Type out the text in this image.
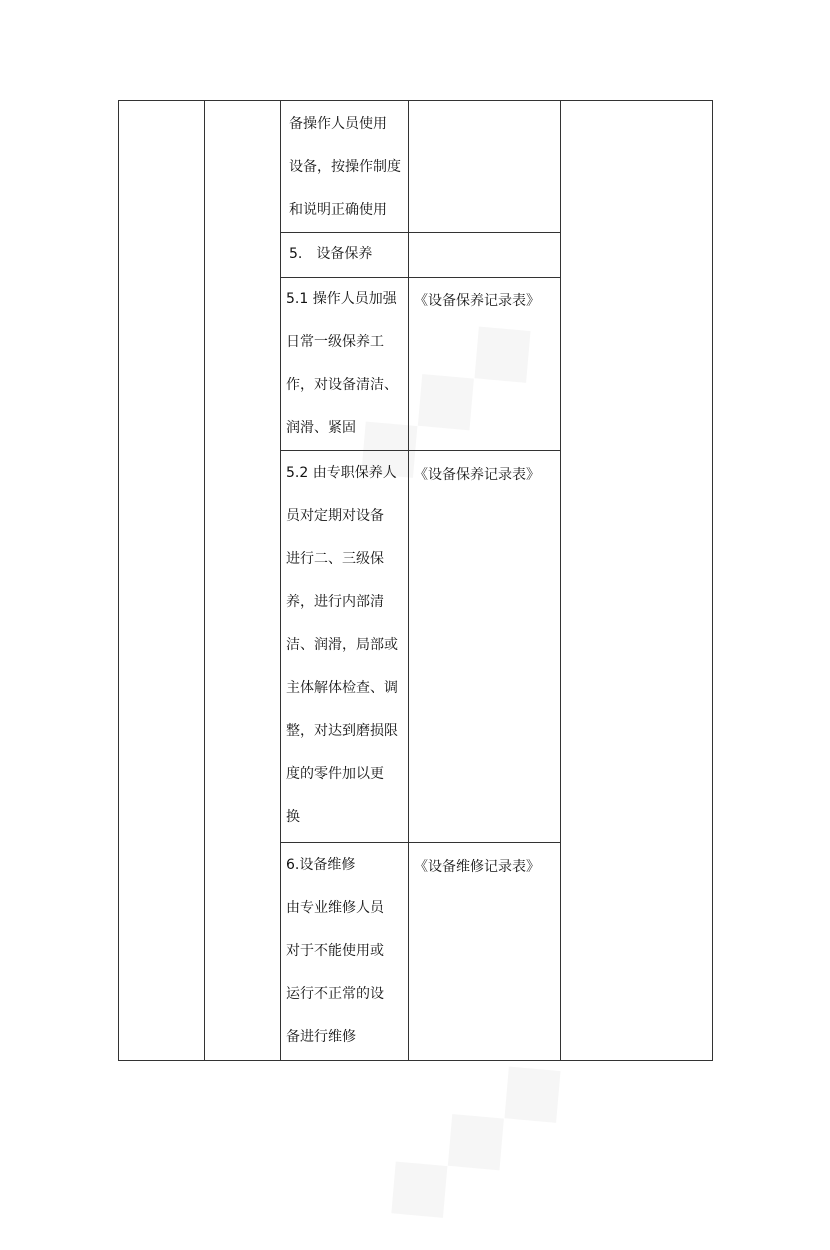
备操作人员使用
设备，按操作制度
和说明正确使用
5.　设备保养
5.1 操作人员加强
日常一级保养工
作，对设备清洁、
润滑、紧固
《设备保养记录表》
5.2 由专职保养人
员对定期对设备
进行二、三级保
养，进行内部清
洁、润滑，局部或
主体解体检查、调
整，对达到磨损限
度的零件加以更
换
《设备保养记录表》
6.设备维修
由专业维修人员
对于不能使用或
运行不正常的设
备进行维修
《设备维修记录表》
